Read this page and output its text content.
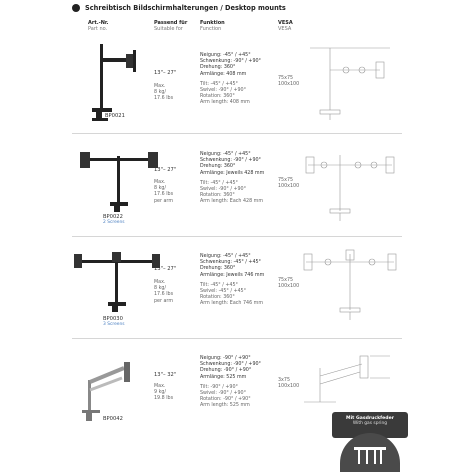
Schreibtisch Bildschirmhalterungen / Desktop mounts
Art.-Nr.
Part no.
Passend für
Suitable for
Funktion
Function
VESA
VESA
BP0021
13"– 27"
Max.
8 kg/
17.6 lbs
Neigung: -45° / +45°
Schwenkung: -90° / +90°
Drehung: 360°
Armlänge: 408 mm
Tilt: -45° / +45°
Swivel: -90° / +90°
Rotation: 360°
Arm length: 408 mm
75x75
100x100
BP0022
2 Screens
13"– 27"
Max.
8 kg/
17.6 lbs
per arm
Neigung: -45° / +45°
Schwenkung: -90° / +90°
Drehung: 360°
Armlänge: Jeweils 428 mm
Tilt: -45° / +45°
Swivel: -90° / +90°
Rotation: 360°
Arm length: Each 428 mm
75x75
100x100
BP0030
3 Screens
13"– 27"
Max.
8 kg/
17.6 lbs
per arm
Neigung: -45° / +45°
Schwenkung: -45° / +45°
Drehung: 360°
Armlänge: Jeweils 746 mm
Tilt: -45° / +45°
Swivel: -45° / +45°
Rotation: 360°
Arm length: Each 746 mm
75x75
100x100
BP0042
13"– 32"
Max.
9 kg/
19.8 lbs
Neigung: -90° / +90°
Schwenkung: -90° / +90°
Drehung: -90° / +90°
Armlänge: 525 mm
Tilt: -90° / +90°
Swivel: -90° / +90°
Rotation: -90° / +90°
Arm length: 525 mm
3x75
100x100
Mit Gasdruckfeder
With gas spring
